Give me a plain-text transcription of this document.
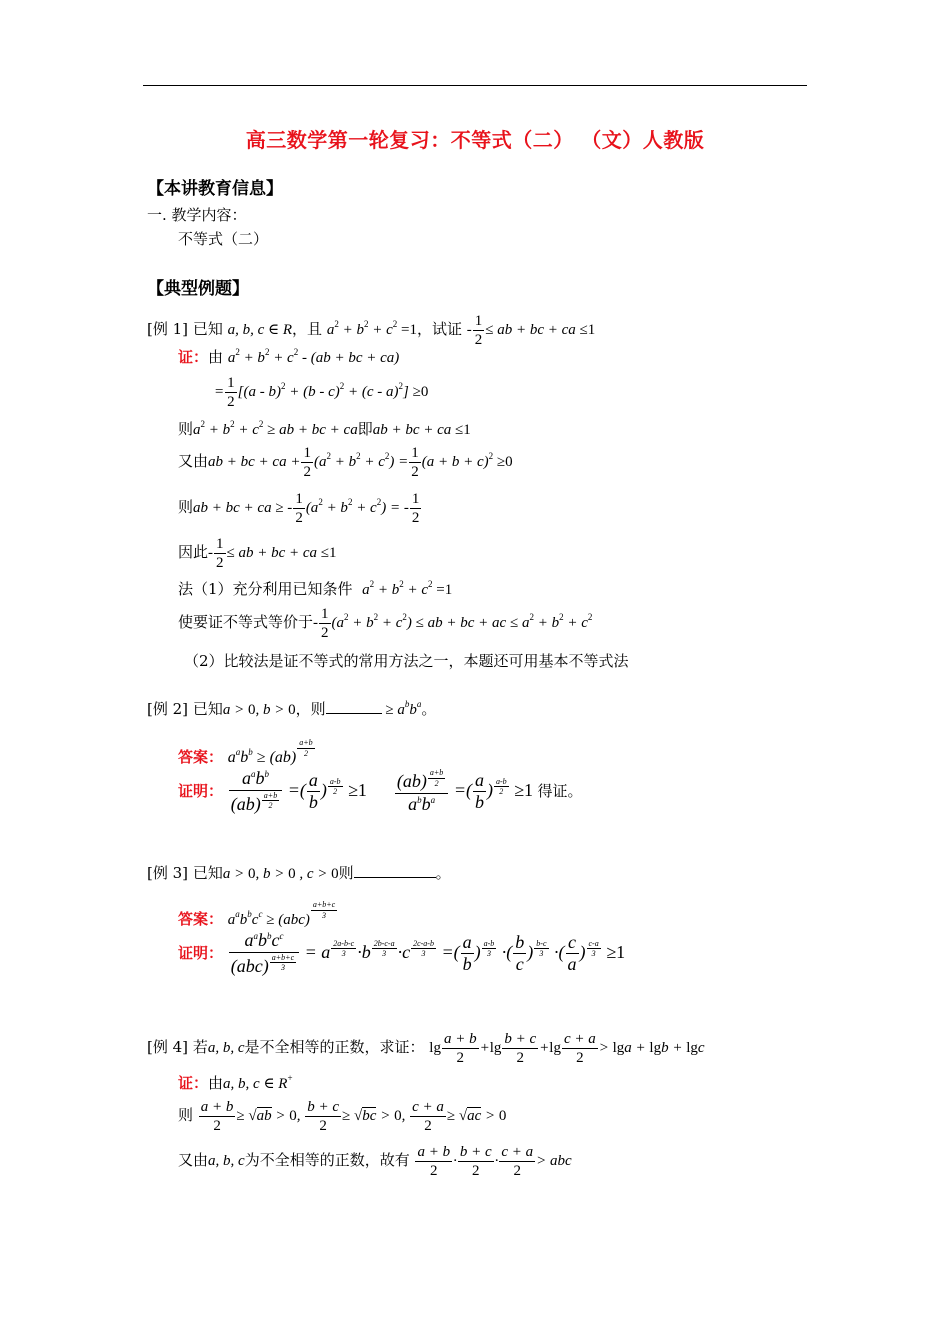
高三数学第一轮复习：不等式（二） （文）人教版
【本讲教育信息】
一. 教学内容：
不等式（二）
【典型例题】
[例 1] 已知 a, b, c ∈ R，且 $a^2 + b^2 + c^2 =1$，试证 - $\frac{1}{2}$ ≤ ab + bc + ca ≤1
证：由 $a^2 + b^2 + c^2 - (ab$ + bc + ca)
= $\frac{1}{2} [(a - b)^2 + (b - c)^2 + (c - a)^2] \ge 0$
则$a^2 + b^2 + c^2$ ≥ ab + bc + ca即ab + bc + ca ≤1
又由ab + bc + ca + $\frac{1}{2} (a^2 + b^2 + c^2) = \frac{1}{2} (a + b + c)^2 \ge 0$
则ab + bc + ca ≥ - $\frac{1}{2} (a^2 + b^2 + c^2)$ = - $\frac{1}{2}$
因此- $\frac{1}{2}$ ≤ ab + bc + ca ≤1
法（1）充分利用已知条件 $a^2 + b^2 + c^2 =1$
使要证不等式等价于- $\frac{1}{2} (a^2 + b^2 + c^2)$ ≤ ab + bc + ac ≤ $a^2 + b^2 + c^2$
（2）比较法是证不等式的常用方法之一，本题还可用基本不等式法
[例 2] 已知a > 0, b > 0，则	≥ $a^bb^a$。
答案： $a^ab^b \ge (ab)$ $^{\frac{a+b}{2}}$
证明：
$a^ab^b$
(ab) $^{\frac{a+b}{2}}$
=( $\frac{a}{b}$ ) $^{\frac{a-b}{2}}$ ≥1 (ab) $^{\frac{a+b}{2}}$
$a^bb^a$ =( $\frac{a}{b}$ ) $^{\frac{a-b}{2}}$ ≥1 得证。
[例 3] 已知a > 0, b > 0 , c > 0则	。
答案： $a^ab^bc^c \ge (abc)$ $^{\frac{a+b+c}{3}}$
证明：
$a^ab^bc^c$
(abc) $^{\frac{a+b+c}{3}}$
= a $^{\frac{2a-b-c}{3}}$ ·b $^{\frac{2b-c-a}{3}}$ ·c $^{\frac{2c-a-b}{3}}$ =( $\frac{a}{b}$ ) $^{\frac{a-b}{3}}$ ·( $\frac{b}{c}$ ) $^{\frac{b-c}{3}}$ ·( $\frac{c}{a}$ ) $^{\frac{c-a}{3}}$ ≥1
[例 4] 若a, b, c是不全相等的正数，求证： $\lg \frac{a + b}{2} +\lg \frac{b + c}{2} +\lg \frac{c + a}{2} > \lg a + \lg b + \lg c$
证：由a, b, c ∈ R+
则 $\frac{a + b}{2} \ge √ab > 0$, $\frac{b + c}{2} \ge √bc > 0$, $\frac{c + a}{2} \ge √ac > 0$
又由a, b, c为不全相等的正数，故有 $\frac{a + b}{2} \cdot \frac{b + c}{2} \cdot \frac{c + a}{2}$ > abc
